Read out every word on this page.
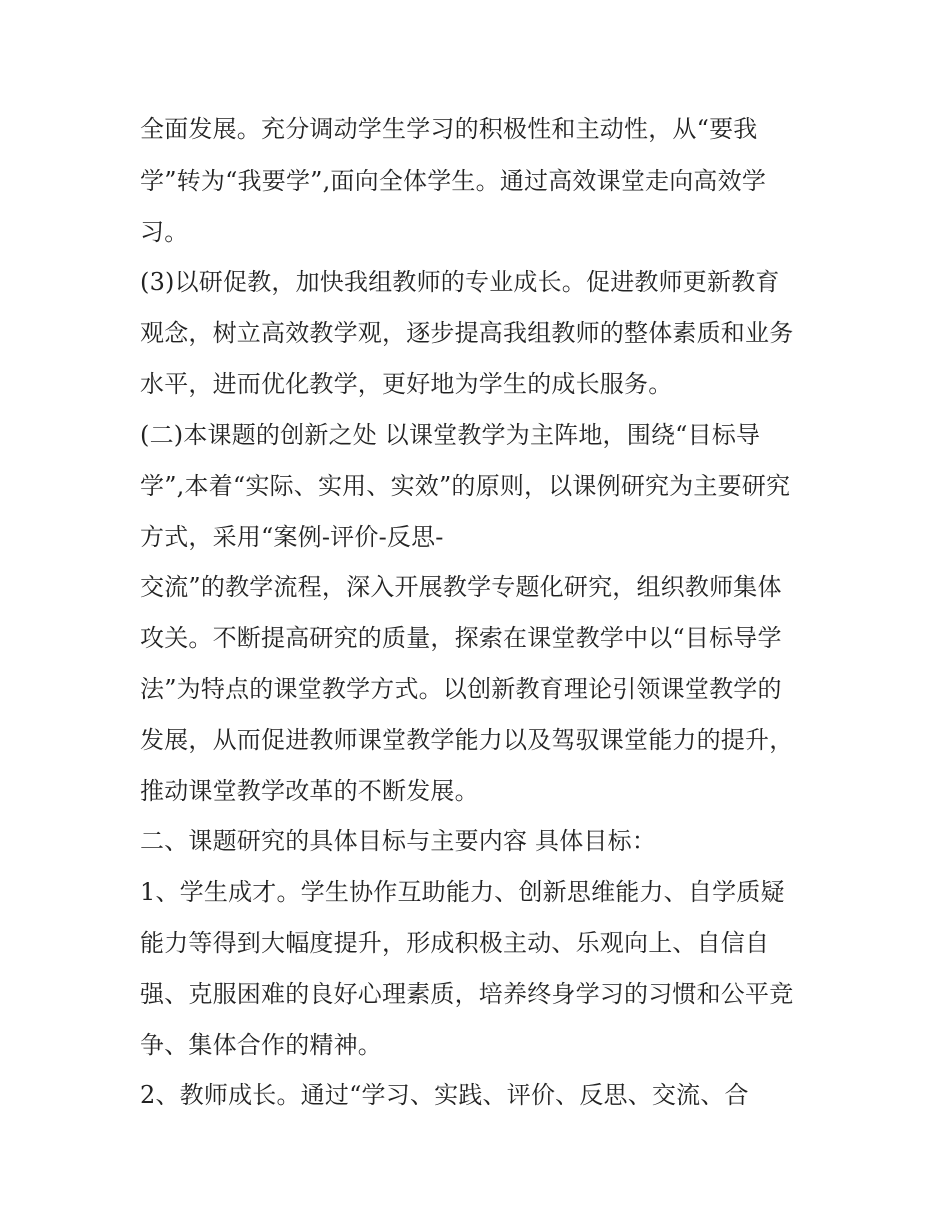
全面发展。充分调动学生学习的积极性和主动性，从“要我
学”转为“我要学”,面向全体学生。通过高效课堂走向高效学
习。
(3)以研促教，加快我组教师的专业成长。促进教师更新教育
观念，树立高效教学观，逐步提高我组教师的整体素质和业务
水平，进而优化教学，更好地为学生的成长服务。
(二)本课题的创新之处 以课堂教学为主阵地，围绕“目标导
学”,本着“实际、实用、实效”的原则，以课例研究为主要研究
方式，采用“案例-评价-反思-
交流”的教学流程，深入开展教学专题化研究，组织教师集体
攻关。不断提高研究的质量，探索在课堂教学中以“目标导学
法”为特点的课堂教学方式。以创新教育理论引领课堂教学的
发展，从而促进教师课堂教学能力以及驾驭课堂能力的提升，
推动课堂教学改革的不断发展。
二、课题研究的具体目标与主要内容 具体目标：
1、学生成才。学生协作互助能力、创新思维能力、自学质疑
能力等得到大幅度提升，形成积极主动、乐观向上、自信自
强、克服困难的良好心理素质，培养终身学习的习惯和公平竞
争、集体合作的精神。
2、教师成长。通过“学习、实践、评价、反思、交流、合
